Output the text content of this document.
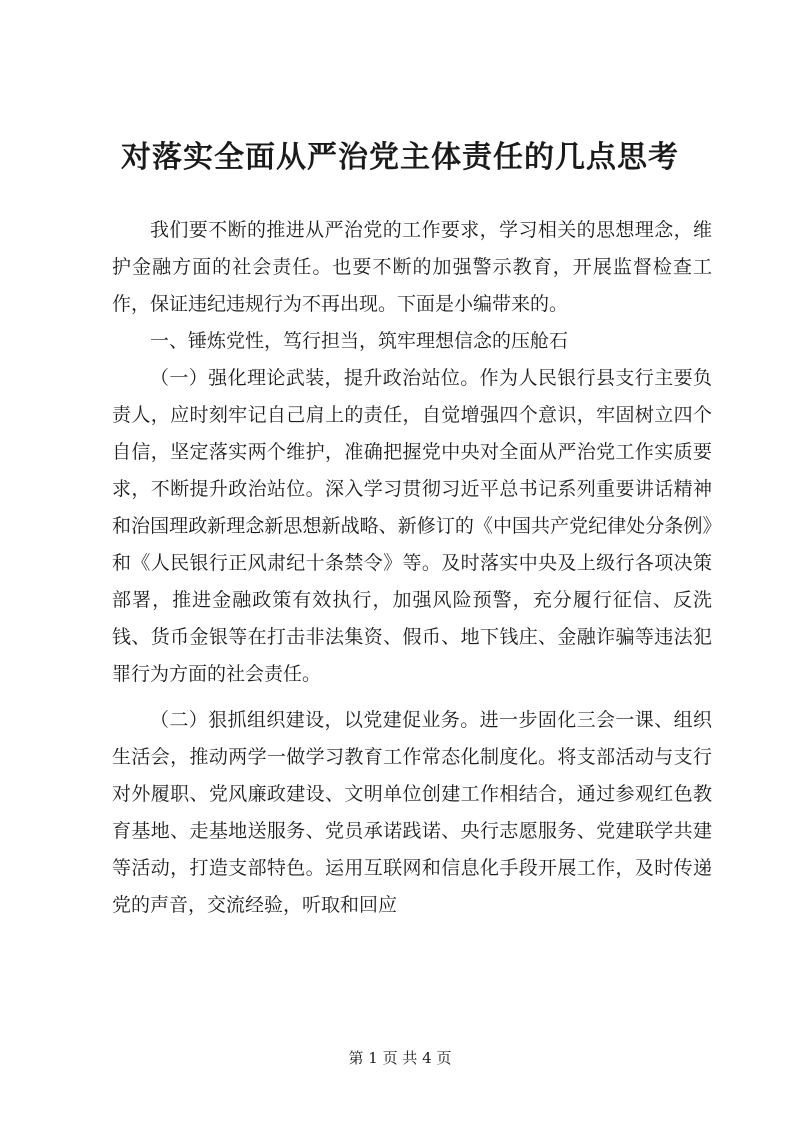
对落实全面从严治党主体责任的几点思考

我们要不断的推进从严治党的工作要求，学习相关的思想理念，维护金融方面的社会责任。也要不断的加强警示教育，开展监督检查工作，保证违纪违规行为不再出现。下面是小编带来的。

一、锤炼党性，笃行担当，筑牢理想信念的压舱石

（一）强化理论武装，提升政治站位。作为人民银行县支行主要负责人，应时刻牢记自己肩上的责任，自觉增强四个意识，牢固树立四个自信，坚定落实两个维护，准确把握党中央对全面从严治党工作实质要求，不断提升政治站位。深入学习贯彻习近平总书记系列重要讲话精神和治国理政新理念新思想新战略、新修订的《中国共产党纪律处分条例》和《人民银行正风肃纪十条禁令》等。及时落实中央及上级行各项决策部署，推进金融政策有效执行，加强风险预警，充分履行征信、反洗钱、货币金银等在打击非法集资、假币、地下钱庄、金融诈骗等违法犯罪行为方面的社会责任。

（二）狠抓组织建设，以党建促业务。进一步固化三会一课、组织生活会，推动两学一做学习教育工作常态化制度化。将支部活动与支行对外履职、党风廉政建设、文明单位创建工作相结合，通过参观红色教育基地、走基地送服务、党员承诺践诺、央行志愿服务、党建联学共建等活动，打造支部特色。运用互联网和信息化手段开展工作，及时传递党的声音，交流经验，听取和回应

第 1 页 共 4 页
